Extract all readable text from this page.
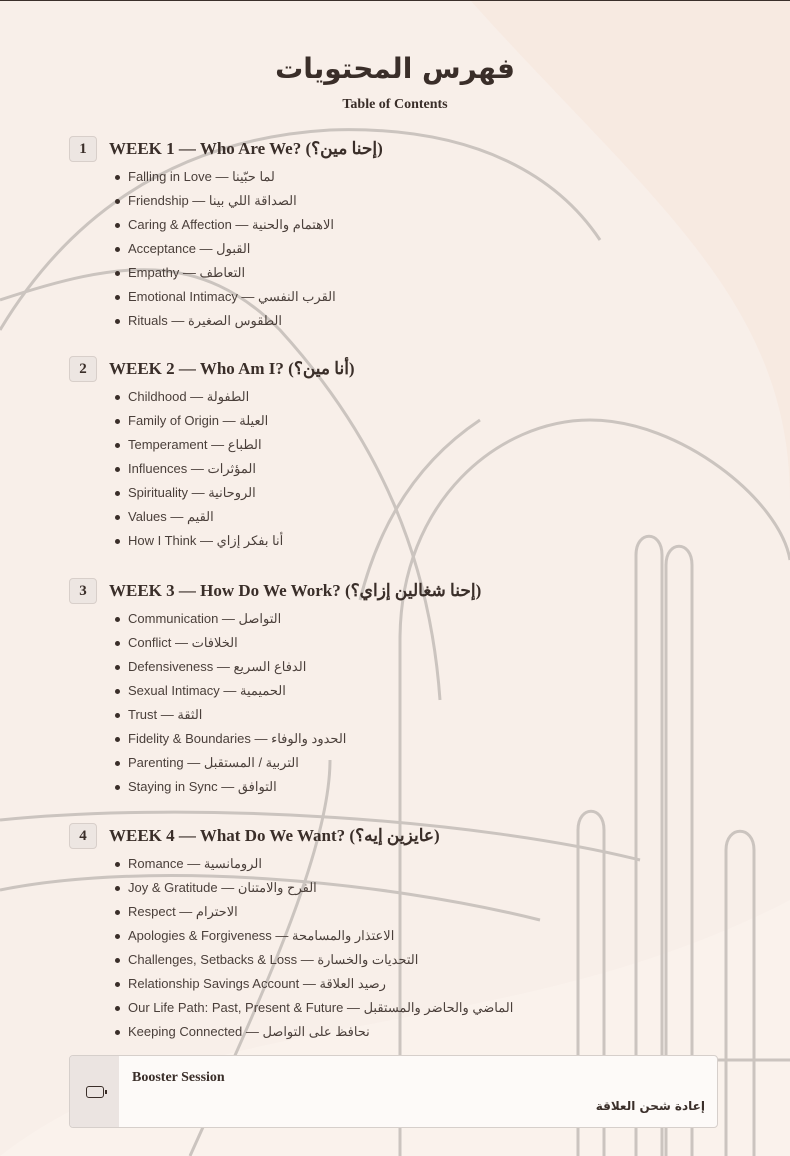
فهرس المحتويات
Table of Contents
1	WEEK 1 — Who Are We? (إحنا مين؟)
Falling in Love — لما حبّينا
Friendship — الصداقة اللي بينا
Caring & Affection — الاهتمام والحنية
Acceptance — القبول
Empathy — التعاطف
Emotional Intimacy — القرب النفسي
Rituals — الطقوس الصغيرة
2	WEEK 2 — Who Am I? (أنا مين؟)
Childhood — الطفولة
Family of Origin — العيلة
Temperament — الطباع
Influences — المؤثرات
Spirituality — الروحانية
Values — القيم
How I Think — أنا بفكر إزاي
3	WEEK 3 — How Do We Work? (إحنا شغالين إزاي؟)
Communication — التواصل
Conflict — الخلافات
Defensiveness — الدفاع السريع
Sexual Intimacy — الحميمية
Trust — الثقة
Fidelity & Boundaries — الحدود والوفاء
Parenting — التربية / المستقبل
Staying in Sync — التوافق
4	WEEK 4 — What Do We Want? (عايزين إيه؟)
Romance — الرومانسية
Joy & Gratitude — الفرح والامتنان
Respect — الاحترام
Apologies & Forgiveness — الاعتذار والمسامحة
Challenges, Setbacks & Loss — التحديات والخسارة
Relationship Savings Account — رصيد العلاقة
Our Life Path: Past, Present & Future — الماضي والحاضر والمستقبل
Keeping Connected — نحافظ على التواصل
Booster Session
إعادة شحن العلاقة
